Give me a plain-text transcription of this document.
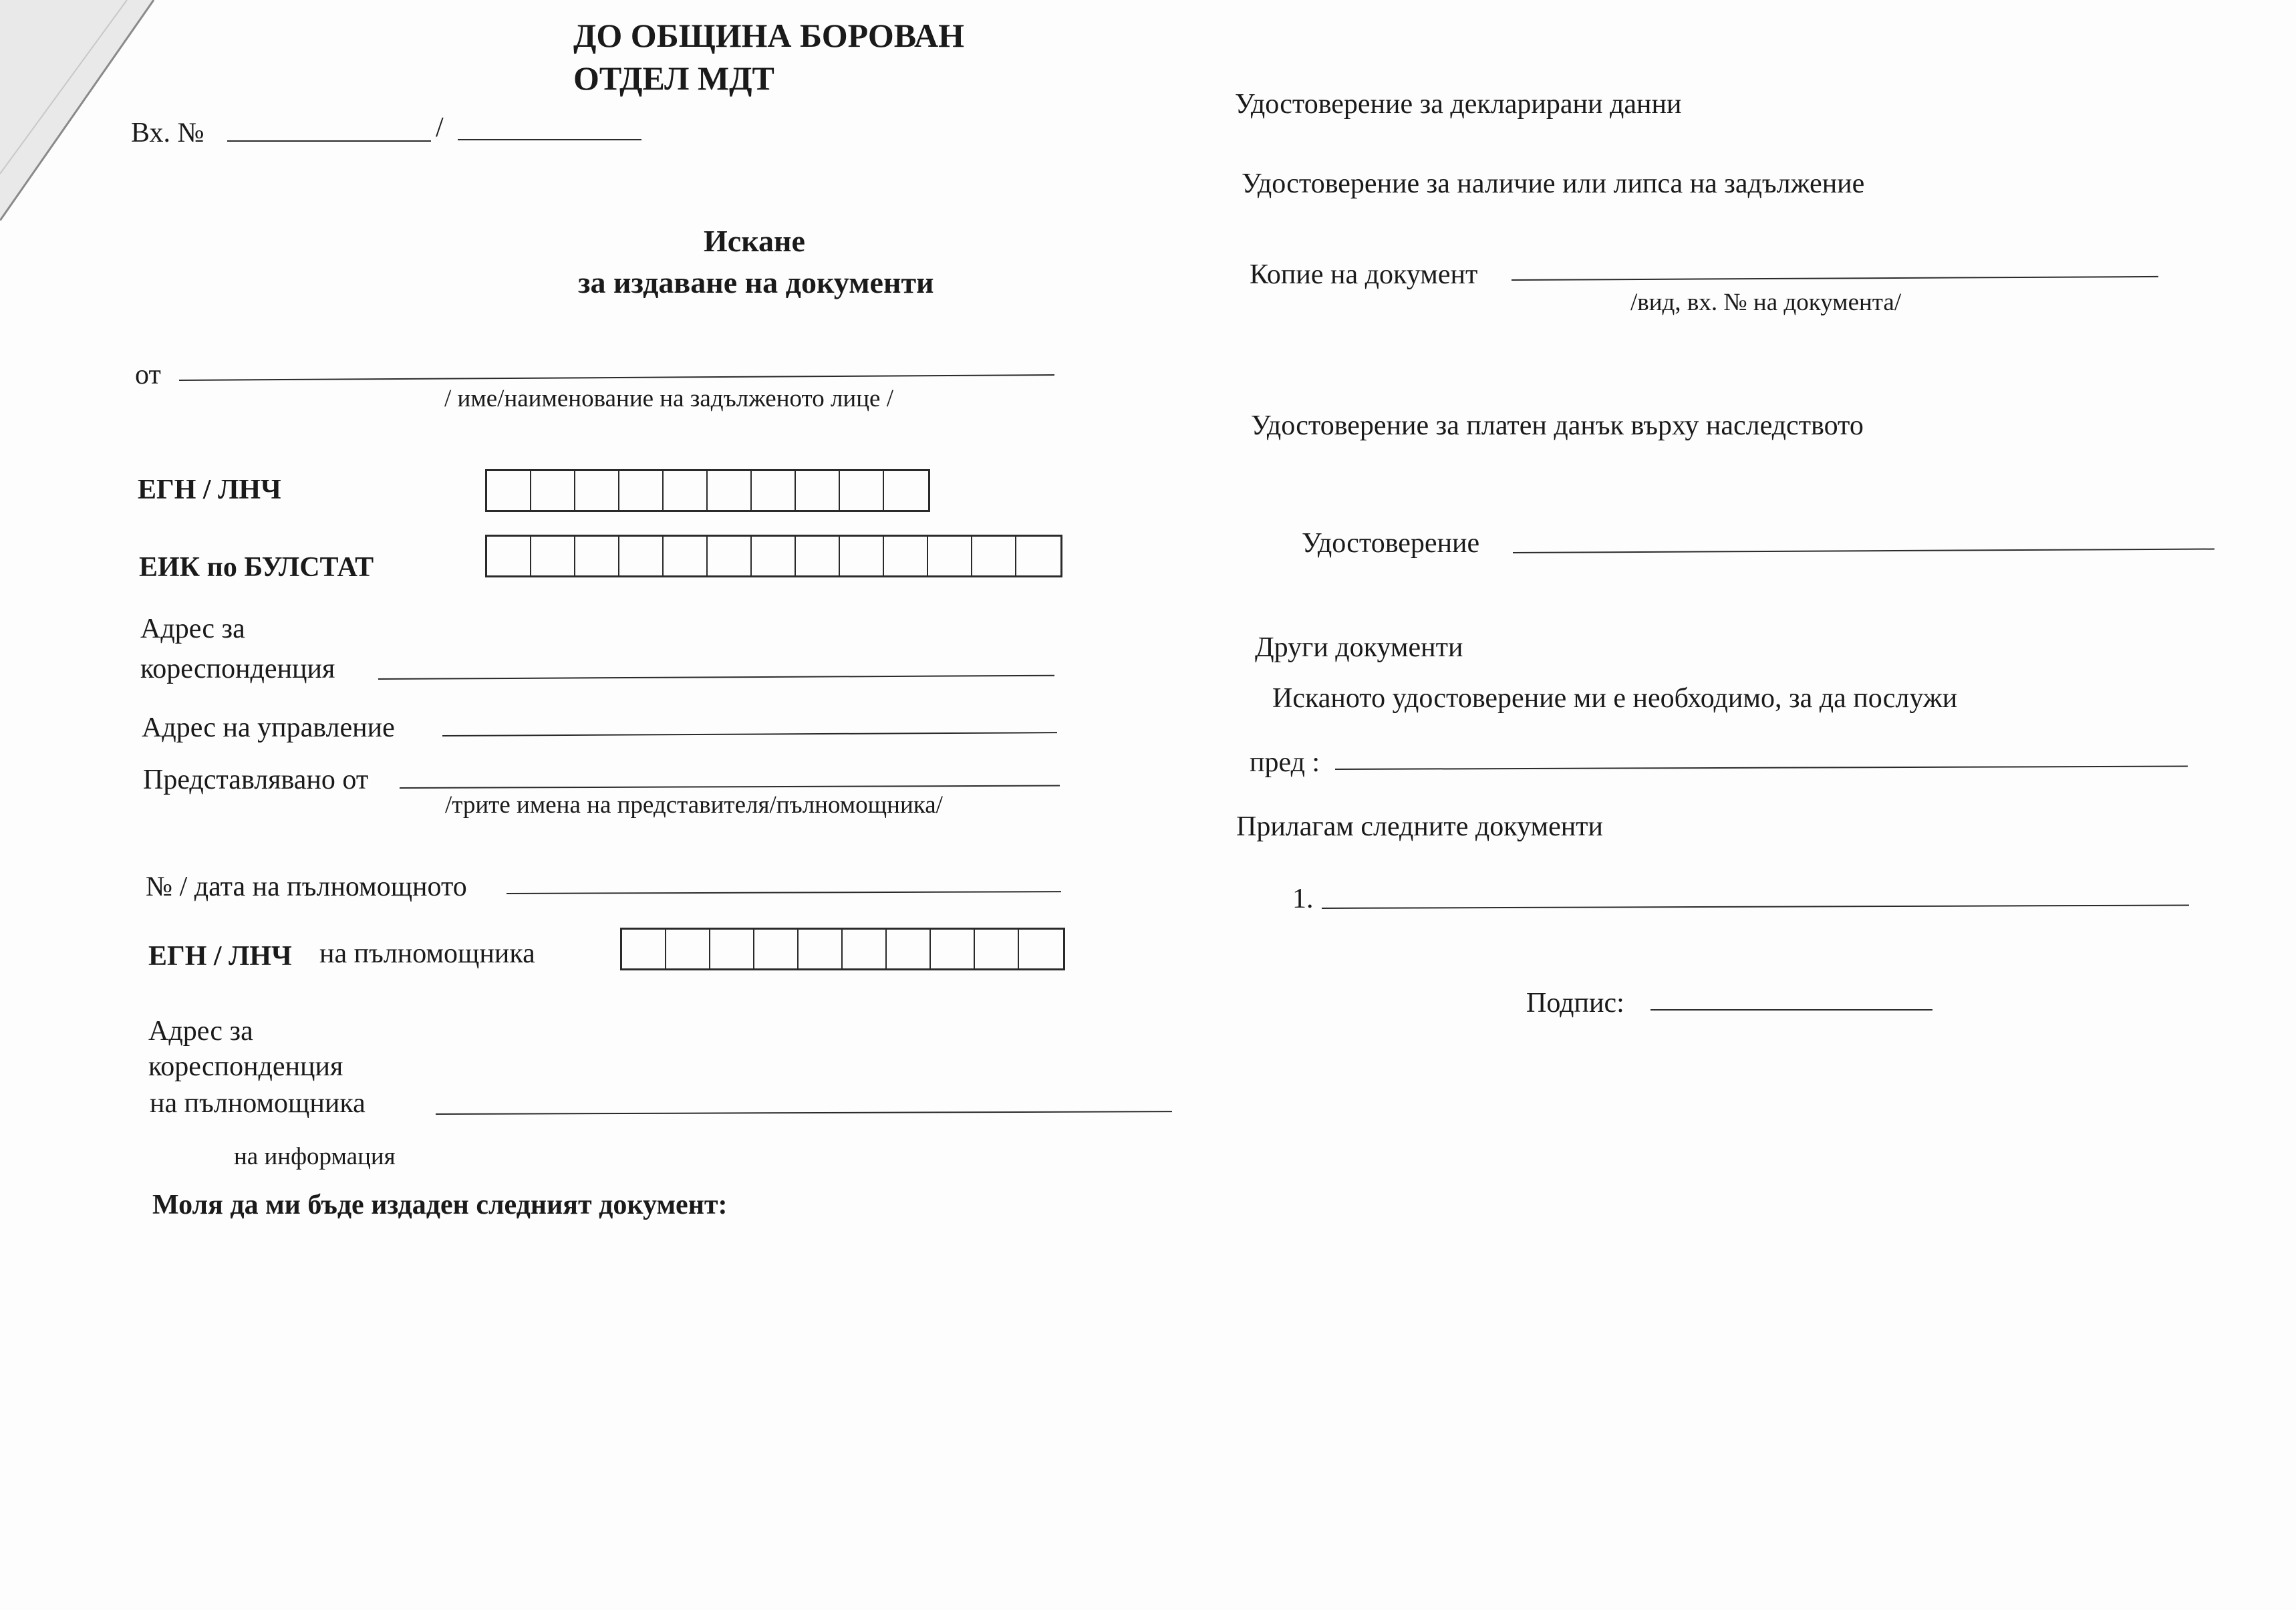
ДО ОБЩИНА БОРОВАН
ОТДЕЛ МДТ
Вх. №	/
Искане
за издаване на документи
от
/ име/наименование на задълженото лице /
ЕГН / ЛНЧ
ЕИК по БУЛСТАТ
Адрес за
кореспонденция
Адрес на управление
Представлявано от
/трите имена на представителя/пълномощника/
№ / дата на пълномощното
ЕГН / ЛНЧ на пълномощника
Адрес за
кореспонденция
на пълномощника
на информация
Моля да ми бъде издаден следният документ:
Удостоверение за декларирани данни
Удостоверение за наличие или липса на задължение
Копие на документ
/вид, вх. № на документа/
Удостоверение за платен данък върху наследството
Удостоверение
Други документи
Исканото удостоверение ми е необходимо, за да послужи
пред :
Прилагам следните документи
1.
Подпис:
